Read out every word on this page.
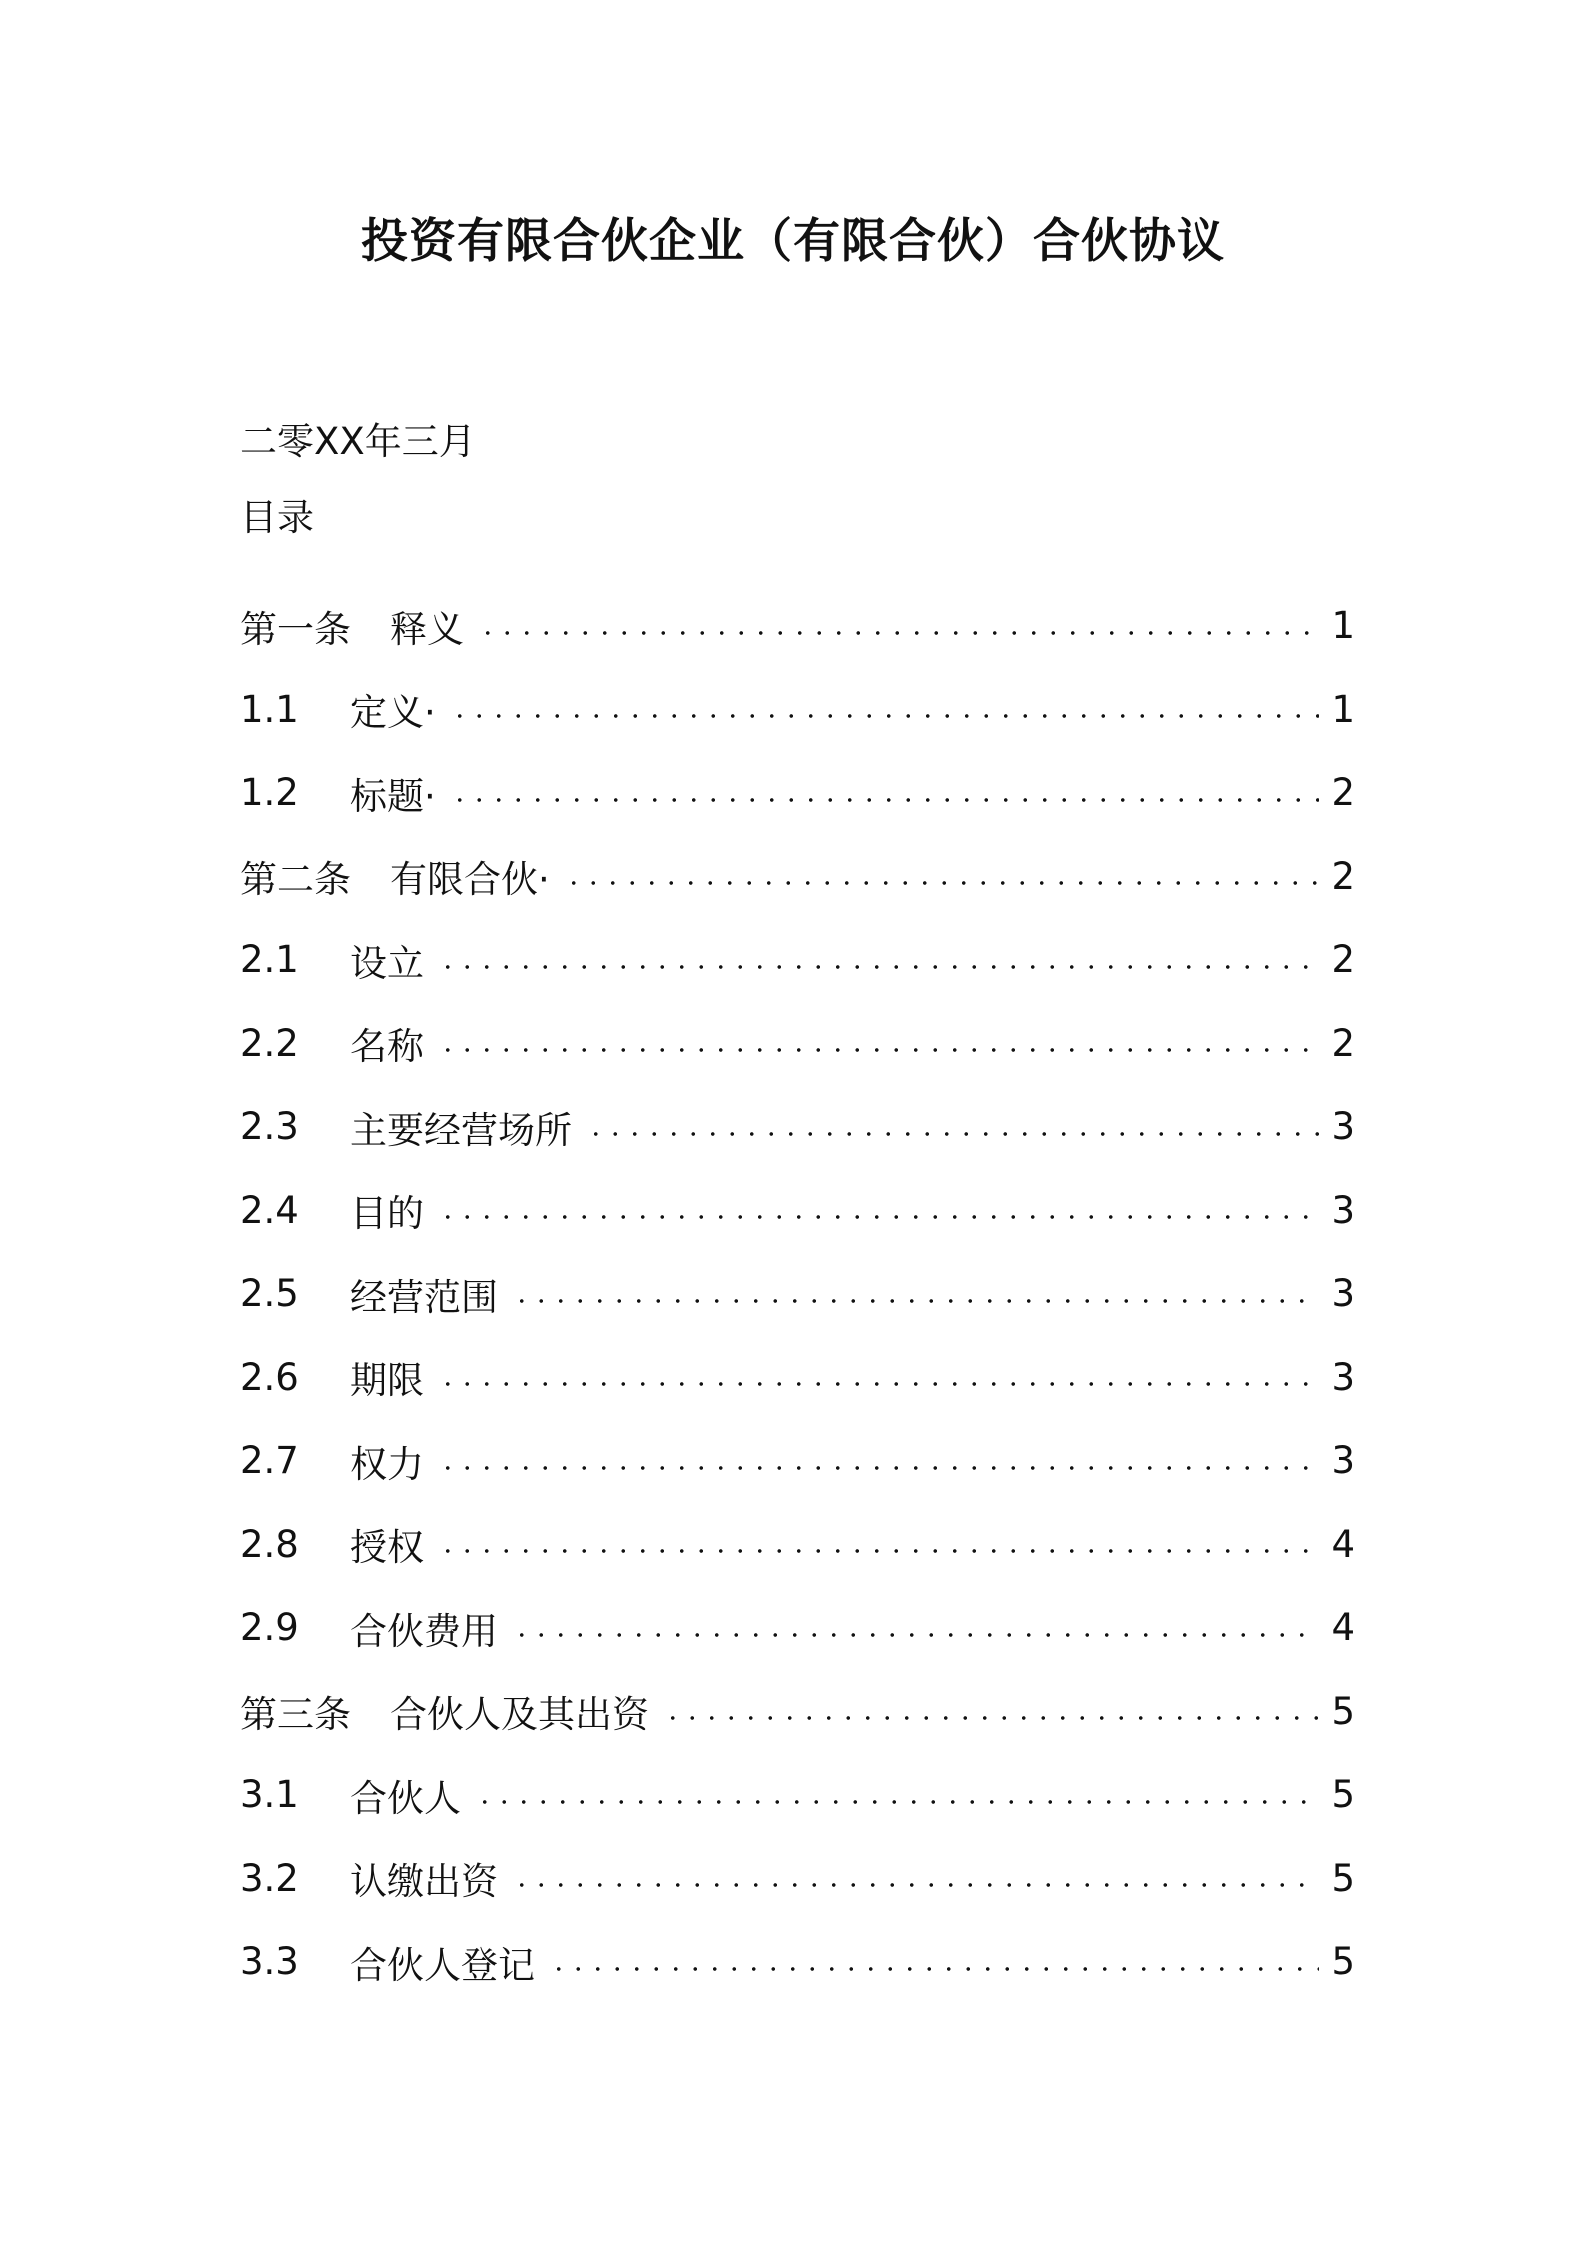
投资有限合伙企业（有限合伙）合伙协议
二零XX年三月
目录
第一条	释义	1
1.1	定义·	1
1.2	标题·	2
第二条	有限合伙·	2
2.1	设立	2
2.2	名称	2
2.3	主要经营场所	3
2.4	目的	3
2.5	经营范围	3
2.6	期限	3
2.7	权力	3
2.8	授权	4
2.9	合伙费用	4
第三条	合伙人及其出资	5
3.1	合伙人	5
3.2	认缴出资	5
3.3	合伙人登记	5
